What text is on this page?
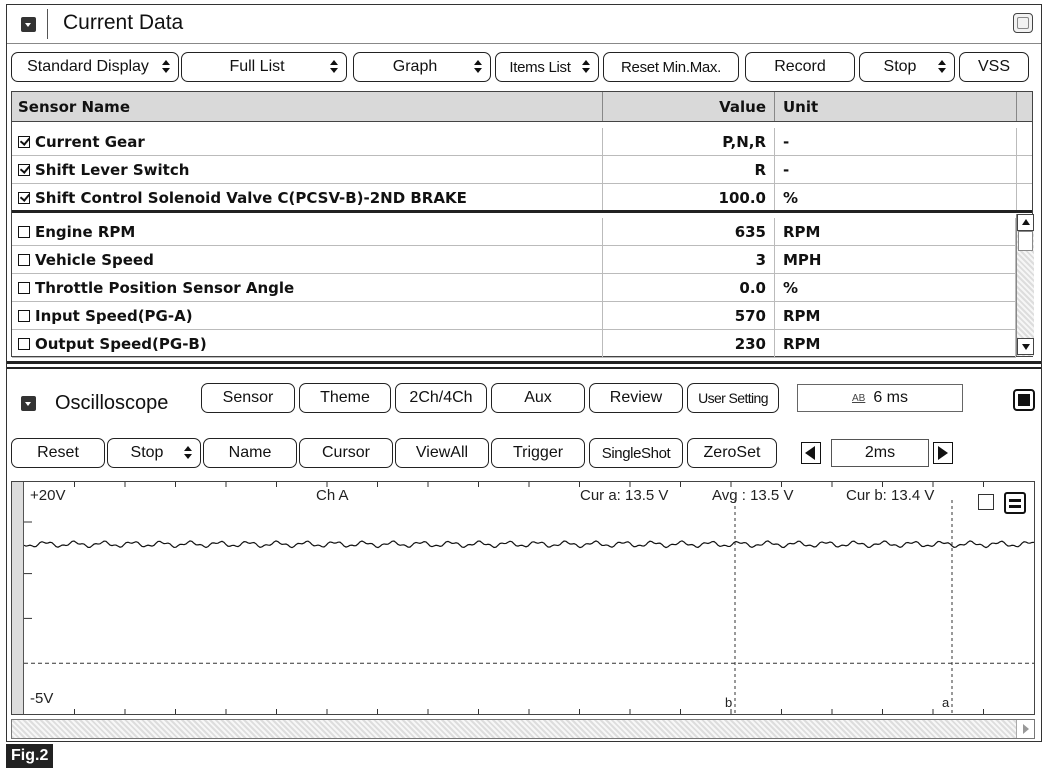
Current Data
Standard Display	Full List	Graph	Items List	Reset Min.Max.	Record	Stop	VSS
Sensor Name	Value	Unit
Current Gear	P,N,R	-
Shift Lever Switch	R	-
Shift Control Solenoid Valve C(PCSV-B)-2ND BRAKE	100.0	%
Engine RPM	635	RPM
Vehicle Speed	3	MPH
Throttle Position Sensor Angle	0.0	%
Input Speed(PG-A)	570	RPM
Output Speed(PG-B)	230	RPM
Oscilloscope	Sensor	Theme 2Ch/4Ch	Aux	Review	User Setting	AB 6 ms
Reset	Stop	Name	Cursor	ViewAll	Trigger	SingleShot ZeroSet	2ms
+20V	Ch A	Cur a: 13.5 V	Avg : 13.5 V	Cur b: 13.4 V
-5V	b	a
Fig.2
